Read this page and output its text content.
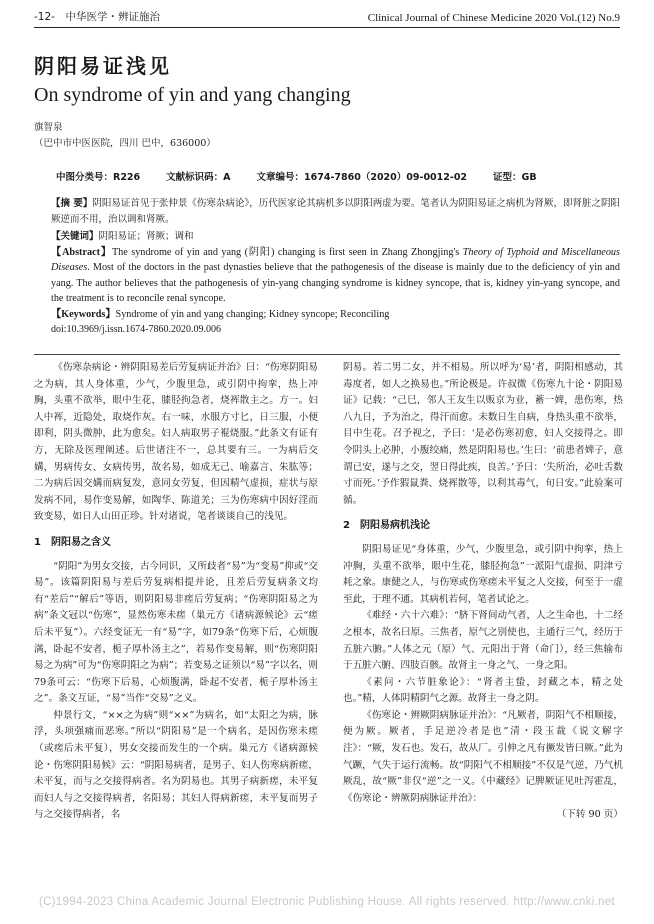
-12-　中华医学・辨证施治	Clinical Journal of Chinese Medicine 2020 Vol.(12) No.9
阴阳易证浅见
On syndrome of yin and yang changing
旗智泉
（巴中市中医医院，四川 巴中，636000）
中图分类号：R226	文献标识码：A	文章编号：1674-7860（2020）09-0012-02	证型：GB

【摘 要】阴阳易证首见于张仲景《伤寒杂病论》，历代医家论其病机多以阴阳两虚为要。笔者认为阴阳易证之病机为肾厥，即肾脏之阴阳厥逆而不用，治以调和肾厥。

【关键词】阴阳易证；肾厥；调和

【Abstract】The syndrome of yin and yang (阴阳) changing is first seen in Zhang Zhongjing's Theory of Typhoid and Miscellaneous Diseases. Most of the doctors in the past dynasties believe that the pathogenesis of the disease is mainly due to the deficiency of yin and yang. The author believes that the pathogenesis of yin-yang changing syndrome is kidney syncope, that is, kidney yin-yang syncope, and the treatment is to reconcile renal syncope.

【Keywords】Syndrome of yin and yang changing; Kidney syncope; Reconciling

doi:10.3969/j.issn.1674-7860.2020.09.006

《伤寒杂病论・辨阴阳易差后劳复病证并治》曰：“伤寒阴阳易之为病，其人身体重，少气，少腹里急，或引阴中拘挛，热上冲胸，头重不欲举，眼中生花，膝胫拘急者，烧裈散主之。方一。妇人中裈，近隐处，取烧作灰。右一味，水服方寸匕，日三服，小便即利，阴头微肿，此为愈矣。妇人病取男子裩烧服。”此条文有证有方，无除及医理阐述。后世诸注不一，总其要有三。一为病后交媾，男病传女、女病传男，故名易，如成无己、喻嘉言、朱肱等；二为病后因交媾而病复发，意同女劳复，但因精气虚损，症状与原发病不同，易作变易解，如陶华、陈道羌；三为伤寒病中因好淫而致变易，如日人山田正珍。针对诸说，笔者谈谈自己的浅见。

1　阴阳易之含义

“阴阳”为男女交接，古今同识，又所歧者“易”为“变易”抑或“交易”。该篇阴阳易与差后劳复病相提并论，且差后劳复病条文均有“差后”“解后”等语，则阴阳易非瘥后劳复病；“伤寒阴阳易之为病”条文冠以“伤寒”，显然伤寒未瘥（巢元方《诸病源候论》云“瘥后未平复”）。六经变证无一有“易”字，如79条“伤寒下后，心烦腹满，卧起不安者，栀子厚朴汤主之”，若易作变易解，则“伤寒阴阳易之为病”可为“伤寒阴阳之为病”；若变易之证须以“易”字以名，则79条可云：“伤寒下后易，心烦腹满，卧起不安者，栀子厚朴汤主之”。条文互证，“易”当作“交易”之义。

仲景行文，“××之为病”则“××”为病名，如“太阳之为病，脉浮，头项强痛而恶寒。”所以“阴阳易”是一个病名，是因伤寒未瘥（或瘥后未平复），男女交接而发生的一个病。巢元方《诸病源候论・伤寒阴阳易候》云：“阴阳易病者，是男子、妇人伤寒病新瘥，未平复，而与之交接得病者。名为阴易也。其男子病新瘥，未平复而妇人与之交接得病者，名阳易；其妇人得病新瘥，未平复而男子与之交接得病者，名

阴易。若二男二女，并不相易。所以呼为‘易’者，阴阳相感动，其毒度者，如人之换易也。”所论极是。许叔微《伤寒九十论・阴阳易证》记载：“己巳，邻人王友生以贩京为业，蓄一婢，患伤寒，热八九日，予为治之，得汗而愈。未数日生自病，身热头重不欲举，目中生花。召予视之，予曰：‘是必伤寒初愈，妇人交接得之。即令阴头上必肿，小腹绞痛，然是阴阳易也。’生曰：‘前患者婢子，意谓已安，遂与之交，翌日得此疾，良苦。’予曰：‘失所治，必吐舌数寸而死。’予作猳鼠粪、烧裈散等，以利其毒气，旬日安。”此验案可循。

2　阴阳易病机浅论

阴阳易证见“身体重，少气，少腹里急，或引阴中拘挛，热上冲胸，头重不欲举，眼中生花，膝胫拘急”一派阳气虚损、阴津亏耗之象。康健之人，与伤寒或伤寒瘥未平复之人交接，何至于一虚至此，于理不通。其病机若何，笔者试论之。

《难经・六十六难》：“脐下肾间动气者，人之生命也，十二经之根本，故名曰原。三焦者，原气之别使也，主通行三气，经历于五脏六腑。”人体之元（原）气、元阳出于肾（命门），经三焦输布于五脏六腑、四肢百骸。故肾主一身之气、一身之阳。

《素问・六节脏象论》：“肾者主蛰，封藏之本，精之处也。”精，人体阴精阴气之源。故肾主一身之阴。

《伤寒论・辨厥阴病脉证并治》：“凡厥者，阴阳气不相顺接，便为厥。厥者，手足逆冷者是也”清・段玉裁《说文解字注》：“厥，发石也。发石，故从厂。引伸之凡有撅发皆曰厥。”此为气蹶，气失于运行流畅。故“阴阳气不相顺接”不仅是气逆，乃气机厥乱，故“厥”非仅“逆”之一义。《中藏经》记脾厥证见吐泻霍乱，《伤寒论・辨厥阴病脉证并治》：

（下转 90 页）

(C)1994-2023 China Academic Journal Electronic Publishing House. All rights reserved. http://www.cnki.net
